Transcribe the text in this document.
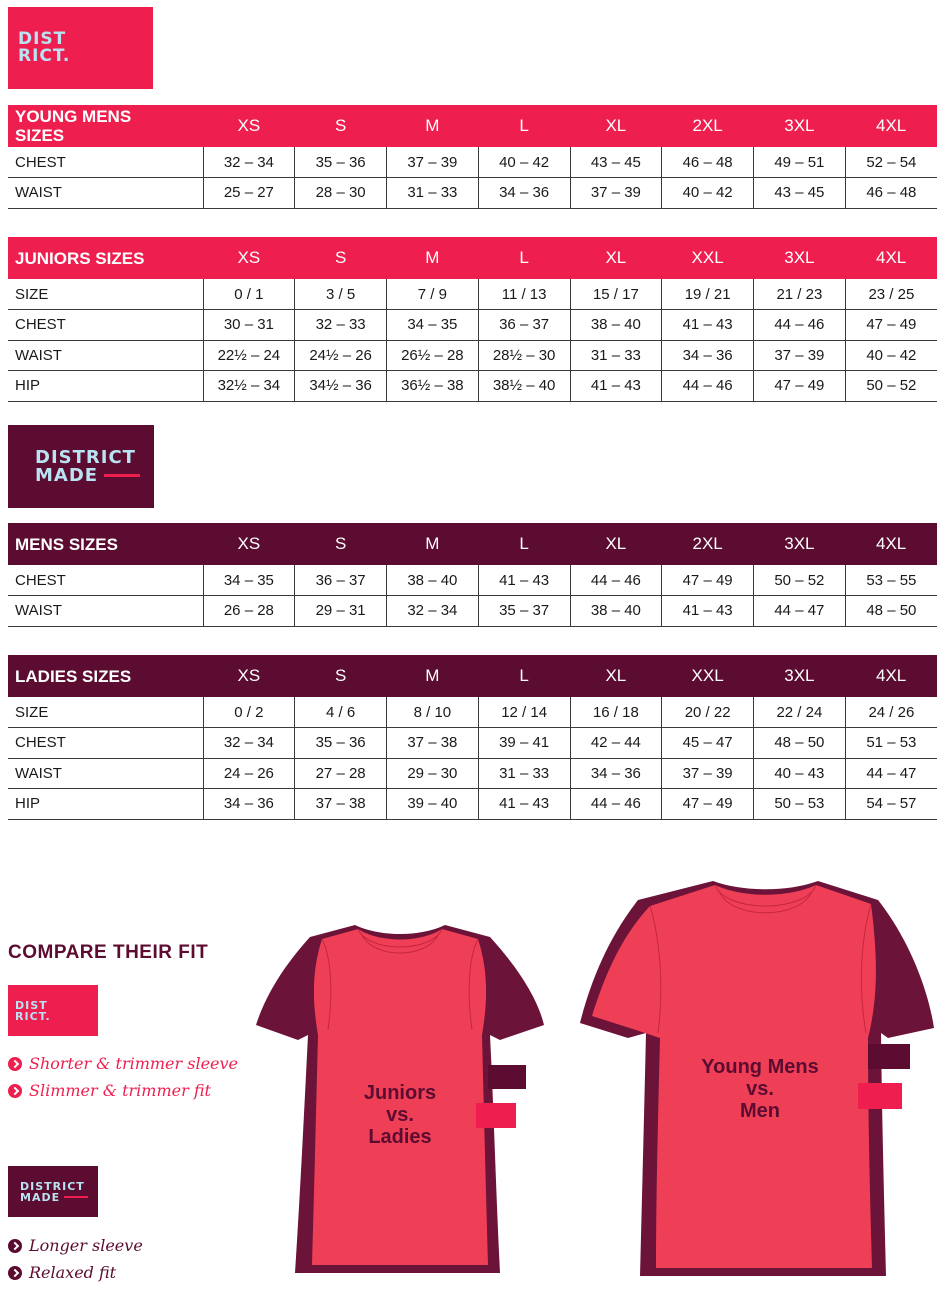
DIST
RICT.
YOUNG MENS SIZES	XS	S	M	L	XL	2XL	3XL	4XL
CHEST	32 – 34	35 – 36	37 – 39	40 – 42	43 – 45	46 – 48	49 – 51	52 – 54
WAIST	25 – 27	28 – 30	31 – 33	34 – 36	37 – 39	40 – 42	43 – 45	46 – 48
JUNIORS SIZES	XS	S	M	L	XL	XXL	3XL	4XL
SIZE	0 / 1	3 / 5	7 / 9	11 / 13	15 / 17	19 / 21	21 / 23	23 / 25
CHEST	30 – 31	32 – 33	34 – 35	36 – 37	38 – 40	41 – 43	44 – 46	47 – 49
WAIST	22½ – 24	24½ – 26	26½ – 28	28½ – 30	31 – 33	34 – 36	37 – 39	40 – 42
HIP	32½ – 34	34½ – 36	36½ – 38	38½ – 40	41 – 43	44 – 46	47 – 49	50 – 52
DISTRICT
MADE
MENS SIZES	XS	S	M	L	XL	2XL	3XL	4XL
CHEST	34 – 35	36 – 37	38 – 40	41 – 43	44 – 46	47 – 49	50 – 52	53 – 55
WAIST	26 – 28	29 – 31	32 – 34	35 – 37	38 – 40	41 – 43	44 – 47	48 – 50
LADIES SIZES	XS	S	M	L	XL	XXL	3XL	4XL
SIZE	0 / 2	4 / 6	8 / 10	12 / 14	16 / 18	20 / 22	22 / 24	24 / 26
CHEST	32 – 34	35 – 36	37 – 38	39 – 41	42 – 44	45 – 47	48 – 50	51 – 53
WAIST	24 – 26	27 – 28	29 – 30	31 – 33	34 – 36	37 – 39	40 – 43	44 – 47
HIP	34 – 36	37 – 38	39 – 40	41 – 43	44 – 46	47 – 49	50 – 53	54 – 57
COMPARE THEIR FIT
DIST
RICT.
Shorter & trimmer sleeve
Slimmer & trimmer fit
DISTRICT
MADE
Longer sleeve
Relaxed fit
Juniors
vs.
Ladies
Young Mens
vs.
Men
